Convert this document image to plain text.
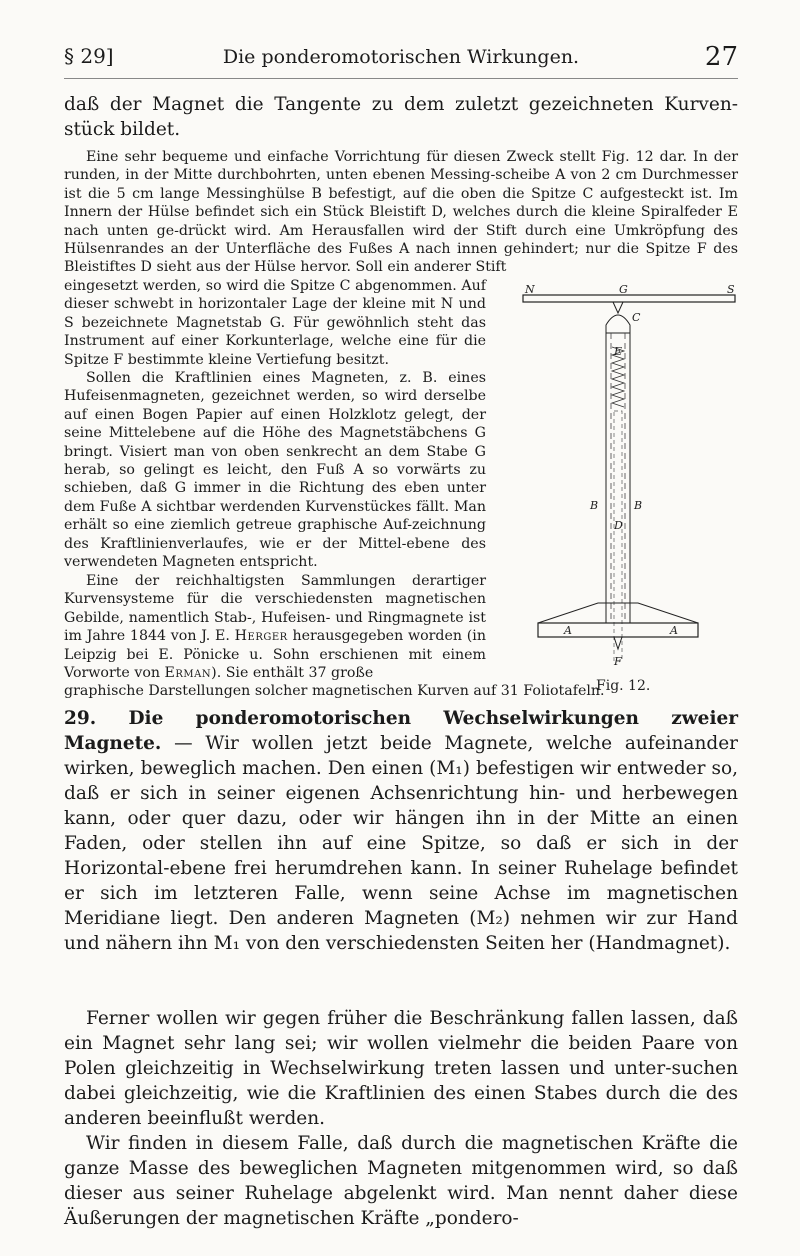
§ 29]	Die ponderomotorischen Wirkungen.	27

daß der Magnet die Tangente zu dem zuletzt gezeichneten Kurven-stück bildet.

Eine sehr bequeme und einfache Vorrichtung für diesen Zweck stellt Fig. 12 dar. In der runden, in der Mitte durchbohrten, unten ebenen Messing-scheibe A von 2 cm Durchmesser ist die 5 cm lange Messinghülse B befestigt, auf die oben die Spitze C aufgesteckt ist. Im Innern der Hülse befindet sich ein Stück Bleistift D, welches durch die kleine Spiralfeder E nach unten ge-drückt wird. Am Herausfallen wird der Stift durch eine Umkröpfung des Hülsenrandes an der Unterfläche des Fußes A nach innen gehindert; nur die Spitze F des Bleistiftes D sieht aus der Hülse hervor. Soll ein anderer Stift

eingesetzt werden, so wird die Spitze C abgenommen. Auf dieser schwebt in horizontaler Lage der kleine mit N und S bezeichnete Magnetstab G. Für gewöhnlich steht das Instrument auf einer Korkunterlage, welche eine für die Spitze F bestimmte kleine Vertiefung besitzt.

Sollen die Kraftlinien eines Magneten, z. B. eines Hufeisenmagneten, gezeichnet werden, so wird derselbe auf einen Bogen Papier auf einen Holzklotz gelegt, der seine Mittelebene auf die Höhe des Magnetstäbchens G bringt. Visiert man von oben senkrecht an dem Stabe G herab, so gelingt es leicht, den Fuß A so vorwärts zu schieben, daß G immer in die Richtung des eben unter dem Fuße A sichtbar werdenden Kurvenstückes fällt. Man erhält so eine ziemlich getreue graphische Auf-zeichnung des Kraftlinienverlaufes, wie er der Mittel-ebene des verwendeten Magneten entspricht.

Eine der reichhaltigsten Sammlungen derartiger Kurvensysteme für die verschiedensten magnetischen Gebilde, namentlich Stab-, Hufeisen- und Ringmagnete ist im Jahre 1844 von J. E. Herger herausgegeben worden (in Leipzig bei E. Pönicke u. Sohn erschienen mit einem Vorworte von Erman). Sie enthält 37 große

graphische Darstellungen solcher magnetischen Kurven auf 31 Foliotafeln.

N	G	S
C
E
B	B
D
A	A
F
Fig. 12.

29. Die ponderomotorischen Wechselwirkungen zweier Magnete. — Wir wollen jetzt beide Magnete, welche aufeinander wirken, beweglich machen. Den einen (M₁) befestigen wir entweder so, daß er sich in seiner eigenen Achsenrichtung hin- und herbewegen kann, oder quer dazu, oder wir hängen ihn in der Mitte an einen Faden, oder stellen ihn auf eine Spitze, so daß er sich in der Horizontal-ebene frei herumdrehen kann. In seiner Ruhelage befindet er sich im letzteren Falle, wenn seine Achse im magnetischen Meridiane liegt. Den anderen Magneten (M₂) nehmen wir zur Hand und nähern ihn M₁ von den verschiedensten Seiten her (Handmagnet).

Ferner wollen wir gegen früher die Beschränkung fallen lassen, daß ein Magnet sehr lang sei; wir wollen vielmehr die beiden Paare von Polen gleichzeitig in Wechselwirkung treten lassen und unter-suchen dabei gleichzeitig, wie die Kraftlinien des einen Stabes durch die des anderen beeinflußt werden.

Wir finden in diesem Falle, daß durch die magnetischen Kräfte die ganze Masse des beweglichen Magneten mitgenommen wird, so daß dieser aus seiner Ruhelage abgelenkt wird. Man nennt daher diese Äußerungen der magnetischen Kräfte „pondero-
